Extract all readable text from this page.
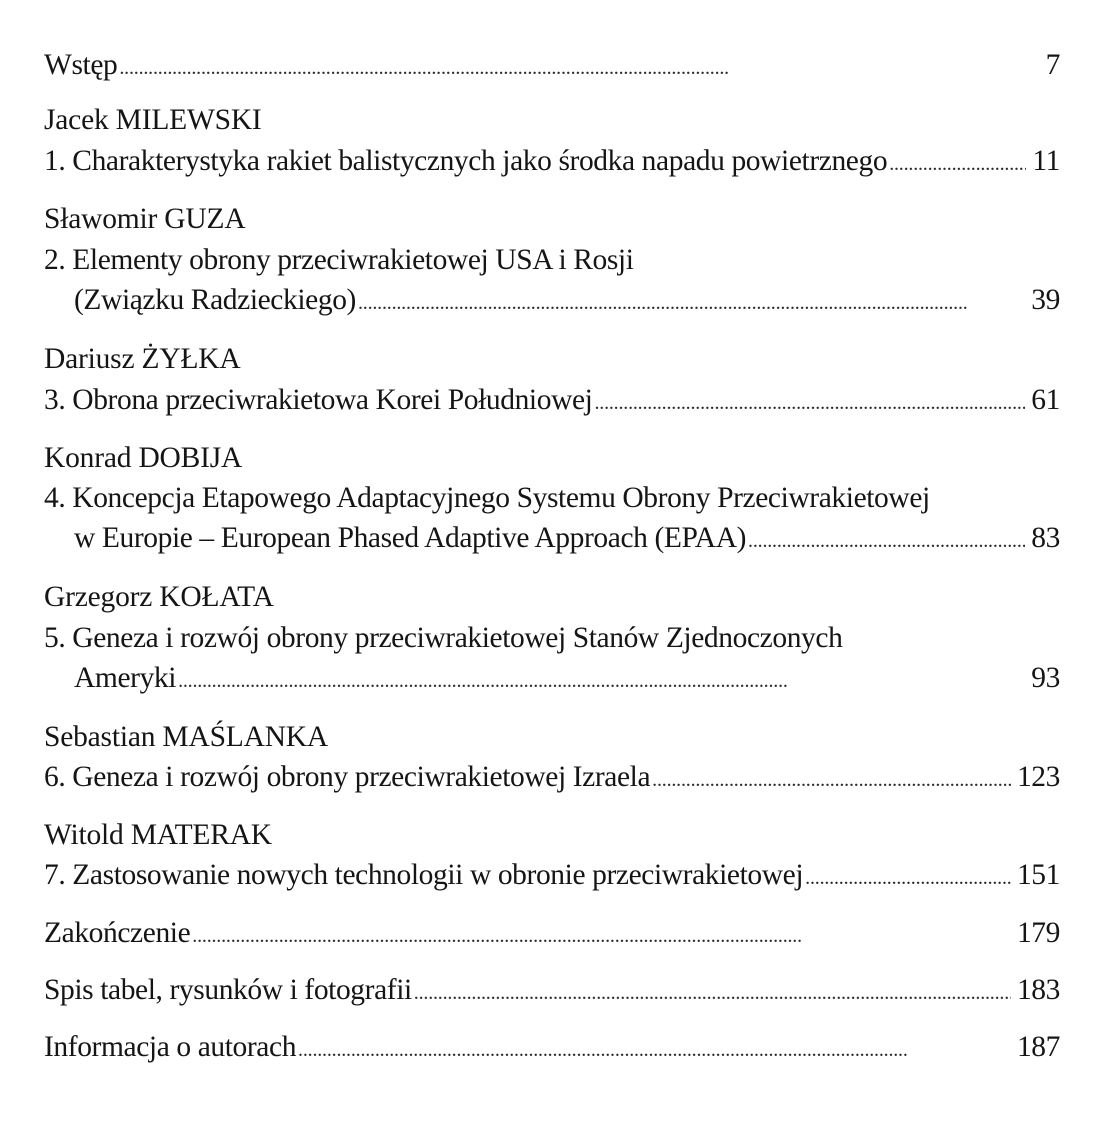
Wstęp . . .	7
Jacek MILEWSKI
1. Charakterystyka rakiet balistycznych jako środka napadu powietrznego . . .	11
Sławomir GUZA
2. Elementy obrony przeciwrakietowej USA i Rosji
(Związku Radzieckiego) . . .	39
Dariusz ŻYŁKA
3. Obrona przeciwrakietowa Korei Południowej . . .	61
Konrad DOBIJA
4. Koncepcja Etapowego Adaptacyjnego Systemu Obrony Przeciwrakietowej
w Europie – European Phased Adaptive Approach (EPAA) . . .	83
Grzegorz KOŁATA
5. Geneza i rozwój obrony przeciwrakietowej Stanów Zjednoczonych
Ameryki . . .	93
Sebastian MAŚLANKA
6. Geneza i rozwój obrony przeciwrakietowej Izraela . . .	123
Witold MATERAK
7. Zastosowanie nowych technologii w obronie przeciwrakietowej . . .	151
Zakończenie . . .	179
Spis tabel, rysunków i fotografii . . .	183
Informacja o autorach . . .	187
